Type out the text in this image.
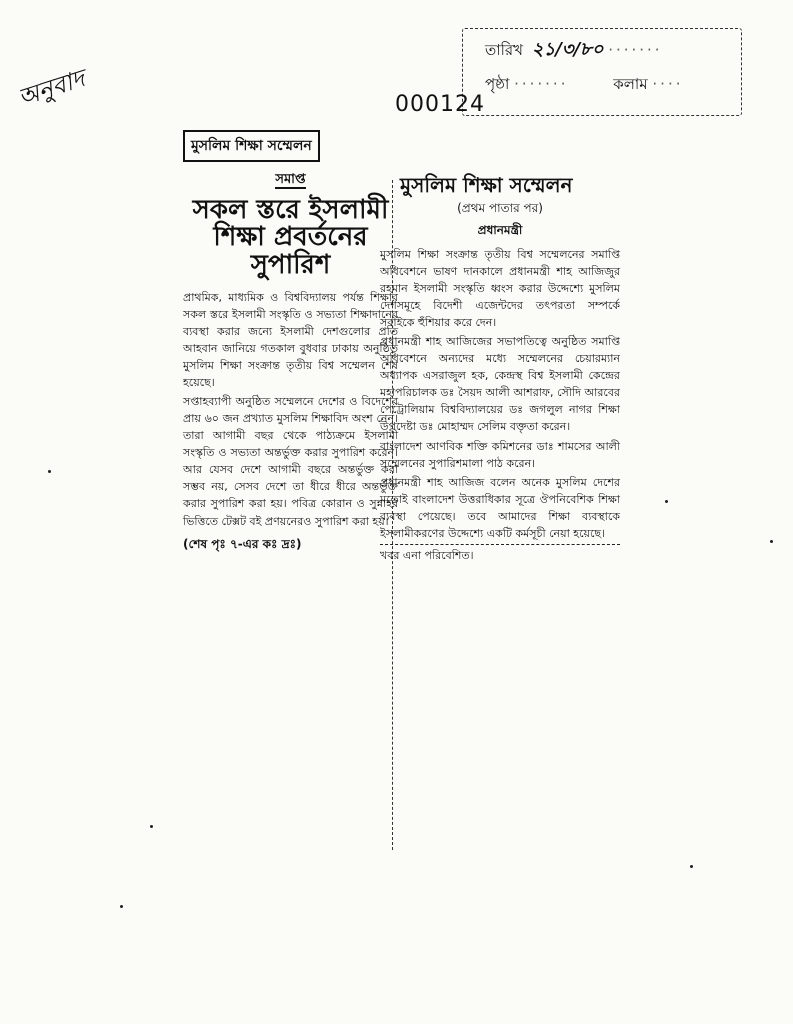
অনুবাদ
তারিখ ২১/৩/৮০ ·······
পৃষ্ঠা ·······	কলাম ····
000124
মুসলিম শিক্ষা সম্মেলন
সমাপ্ত
সকল স্তরে ইসলামী শিক্ষা প্রবর্তনের সুপারিশ

প্রাথমিক, মাধ্যমিক ও বিশ্ববিদ্যালয় পর্যন্ত শিক্ষার সকল স্তরে ইসলামী সংস্কৃতি ও সভ্যতা শিক্ষাদানের ব্যবস্থা করার জন্যে ইসলামী দেশগুলোর প্রতি আহবান জানিয়ে গতকাল বুধবার ঢাকায় অনুষ্ঠিত মুসলিম শিক্ষা সংক্রান্ত তৃতীয় বিশ্ব সম্মেলন শেষ হয়েছে।

সপ্তাহব্যাপী অনুষ্ঠিত সম্মেলনে দেশের ও বিদেশের প্রায় ৬০ জন প্রখ্যাত মুসলিম শিক্ষাবিদ অংশ নেন। তারা আগামী বছর থেকে পাঠ্যক্রমে ইসলামী সংস্কৃতি ও সভ্যতা অন্তর্ভুক্ত করার সুপারিশ করেন। আর যেসব দেশে আগামী বছরে অন্তর্ভুক্ত করা সম্ভব নয়, সেসব দেশে তা ধীরে ধীরে অন্তর্ভুক্ত করার সুপারিশ করা হয়। পবিত্র কোরান ও সুন্নাহর ভিত্তিতে টেক্সট বই প্রণয়নেরও সুপারিশ করা হয়।

(শেষ পৃঃ ৭-এর কঃ দ্রঃ)
মুসলিম শিক্ষা সম্মেলন
(প্রথম পাতার পর)
প্রধানমন্ত্রী

মুসলিম শিক্ষা সংক্রান্ত তৃতীয় বিশ্ব সম্মেলনের সমাপ্তি অধিবেশনে ভাষণ দানকালে প্রধানমন্ত্রী শাহ আজিজুর রহমান ইসলামী সংস্কৃতি ধ্বংস করার উদ্দেশ্যে মুসলিম দেশসমূহে বিদেশী এজেন্টদের তৎপরতা সম্পর্কে সবাইকে হুঁশিয়ার করে দেন।

প্রধানমন্ত্রী শাহ আজিজের সভাপতিত্বে অনুষ্ঠিত সমাপ্তি অধিবেশনে অন্যদের মধ্যে সম্মেলনের চেয়ারম্যান অধ্যাপক এসরাজুল হক, কেন্দ্রস্থ বিশ্ব ইসলামী কেন্দ্রের মহাপরিচালক ডঃ সৈয়দ আলী আশরাফ, সৌদি আরবের পেট্রোলিয়াম বিশ্ববিদ্যালয়ের ডঃ জগলুল নাগর শিক্ষা উপদেষ্টা ডঃ মোহাম্মদ সেলিম বক্তৃতা করেন।

বাংলাদেশ আণবিক শক্তি কমিশনের ডাঃ শামসের আলী সম্মেলনের সুপারিশমালা পাঠ করেন।

প্রধানমন্ত্রী শাহ আজিজ বলেন অনেক মুসলিম দেশের মতোই বাংলাদেশ উত্তরাধিকার সূত্রে ঔপনিবেশিক শিক্ষা ব্যবস্থা পেয়েছে। তবে আমাদের শিক্ষা ব্যবস্থাকে ইসলামীকরণের উদ্দেশ্যে একটি কর্মসূচী নেয়া হয়েছে।

খবর এনা পরিবেশিত।
